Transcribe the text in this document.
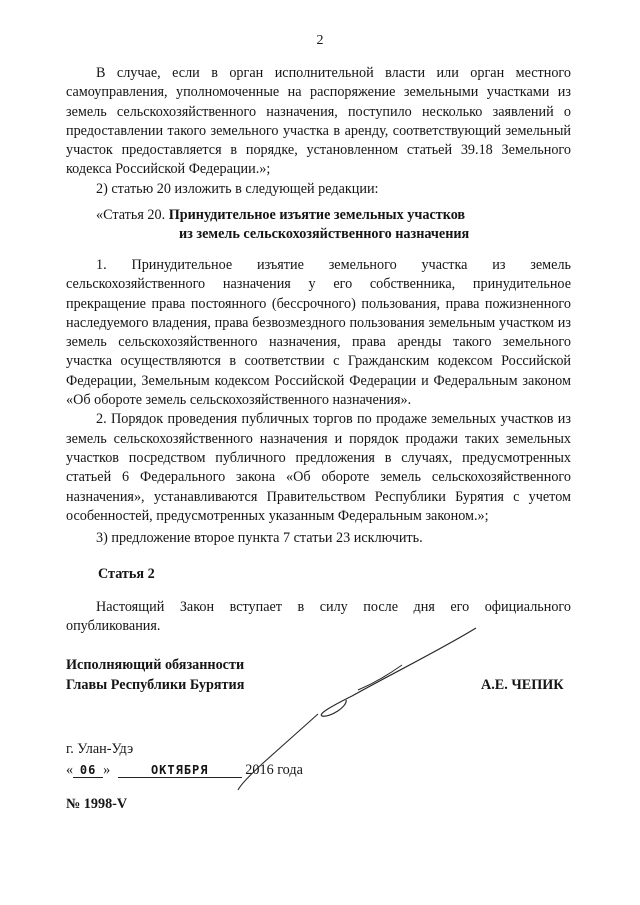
2

В случае, если в орган исполнительной власти или орган местного самоуправления, уполномоченные на распоряжение земельными участками из земель сельскохозяйственного назначения, поступило несколько заявлений о предоставлении такого земельного участка в аренду, соответствующий земельный участок предоставляется в порядке, установленном статьей 39.18 Земельного кодекса Российской Федерации.»;

2) статью 20 изложить в следующей редакции:

«Статья 20. Принудительное изъятие земельных участков
из земель сельскохозяйственного назначения

1. Принудительное изъятие земельного участка из земель сельскохозяйственного назначения у его собственника, принудительное прекращение права постоянного (бессрочного) пользования, права пожизненного наследуемого владения, права безвозмездного пользования земельным участком из земель сельскохозяйственного назначения, права аренды такого земельного участка осуществляются в соответствии с Гражданским кодексом Российской Федерации, Земельным кодексом Российской Федерации и Федеральным законом «Об обороте земель сельскохозяйственного назначения».

2. Порядок проведения публичных торгов по продаже земельных участков из земель сельскохозяйственного назначения и порядок продажи таких земельных участков посредством публичного предложения в случаях, предусмотренных статьей 6 Федерального закона «Об обороте земель сельскохозяйственного назначения», устанавливаются Правительством Республики Бурятия с учетом особенностей, предусмотренных указанным Федеральным законом.»;

3) предложение второе пункта 7 статьи 23 исключить.

Статья 2

Настоящий Закон вступает в силу после дня его официального опубликования.

Исполняющий обязанности
Главы Республики Бурятия	А.Е. ЧЕПИК
г. Улан-Удэ
« 06 »	ОКТЯБРЯ	2016 года
№ 1998-V
